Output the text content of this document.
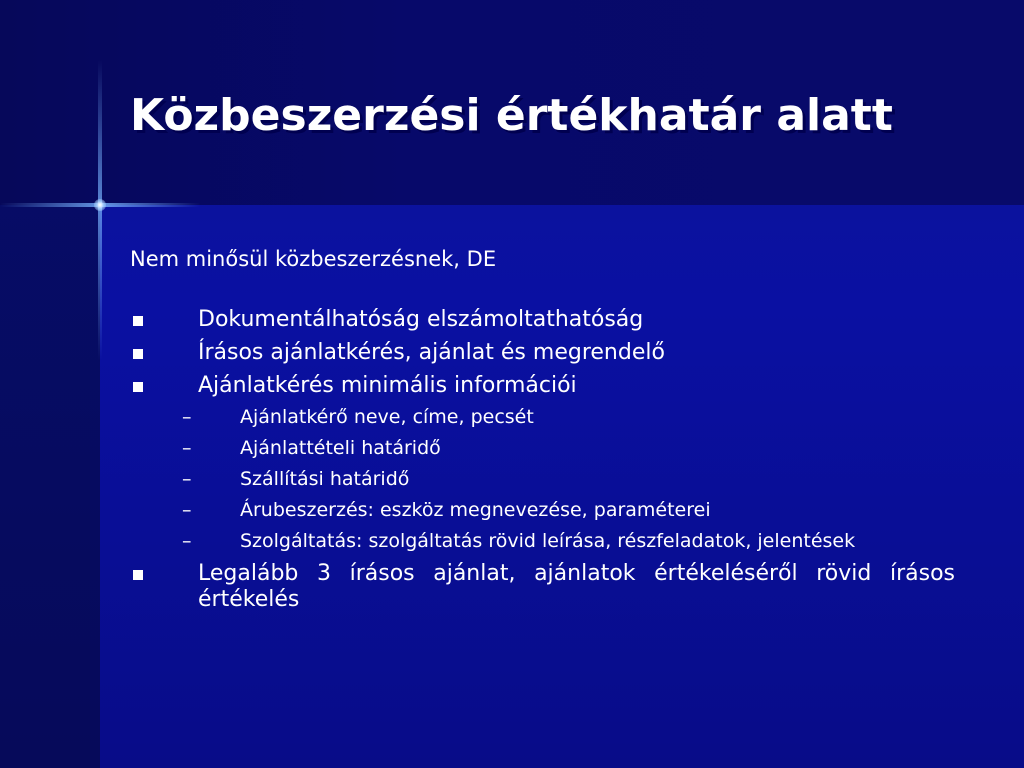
Közbeszerzési értékhatár alatt
Nem minősül közbeszerzésnek, DE
Dokumentálhatóság elszámoltathatóság
Írásos ajánlatkérés, ajánlat és megrendelő
Ajánlatkérés minimális információi
–	Ajánlatkérő neve, címe, pecsét
–	Ajánlattételi határidő
–	Szállítási határidő
–	Árubeszerzés: eszköz megnevezése, paraméterei
–	Szolgáltatás: szolgáltatás rövid leírása, részfeladatok, jelentések
Legalább 3 írásos ajánlat, ajánlatok értékeléséről rövid írásos értékelés
